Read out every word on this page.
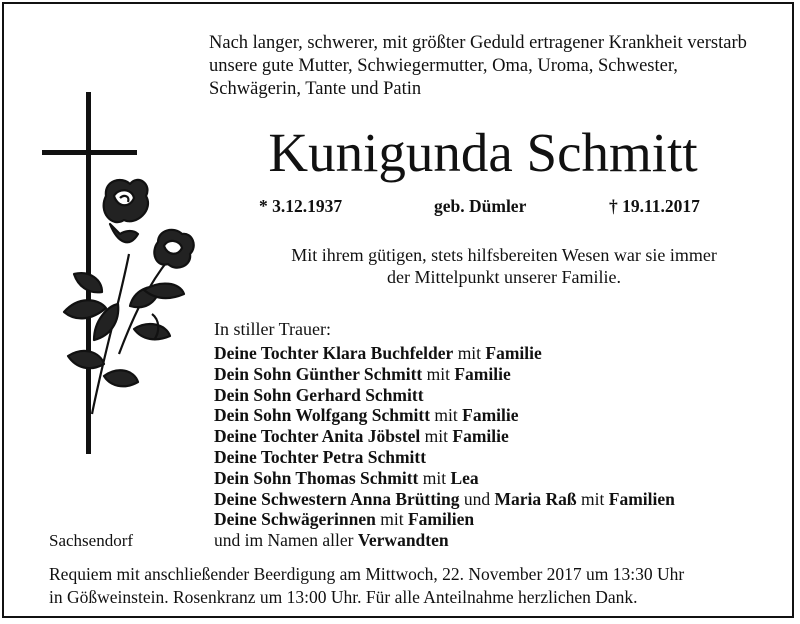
Nach langer, schwerer, mit größter Geduld ertragener Krankheit verstarb
unsere gute Mutter, Schwiegermutter, Oma, Uroma, Schwester,
Schwägerin, Tante und Patin
Kunigunda Schmitt
* 3.12.1937	geb. Dümler	† 19.11.2017
Mit ihrem gütigen, stets hilfsbereiten Wesen war sie immer
der Mittelpunkt unserer Familie.
In stiller Trauer:
Deine Tochter Klara Buchfelder mit Familie
Dein Sohn Günther Schmitt mit Familie
Dein Sohn Gerhard Schmitt
Dein Sohn Wolfgang Schmitt mit Familie
Deine Tochter Anita Jöbstel mit Familie
Deine Tochter Petra Schmitt
Dein Sohn Thomas Schmitt mit Lea
Deine Schwestern Anna Brütting und Maria Raß mit Familien
Deine Schwägerinnen mit Familien
und im Namen aller Verwandten
Sachsendorf
Requiem mit anschließender Beerdigung am Mittwoch, 22. November 2017 um 13:30 Uhr
in Gößweinstein. Rosenkranz um 13:00 Uhr. Für alle Anteilnahme herzlichen Dank.
